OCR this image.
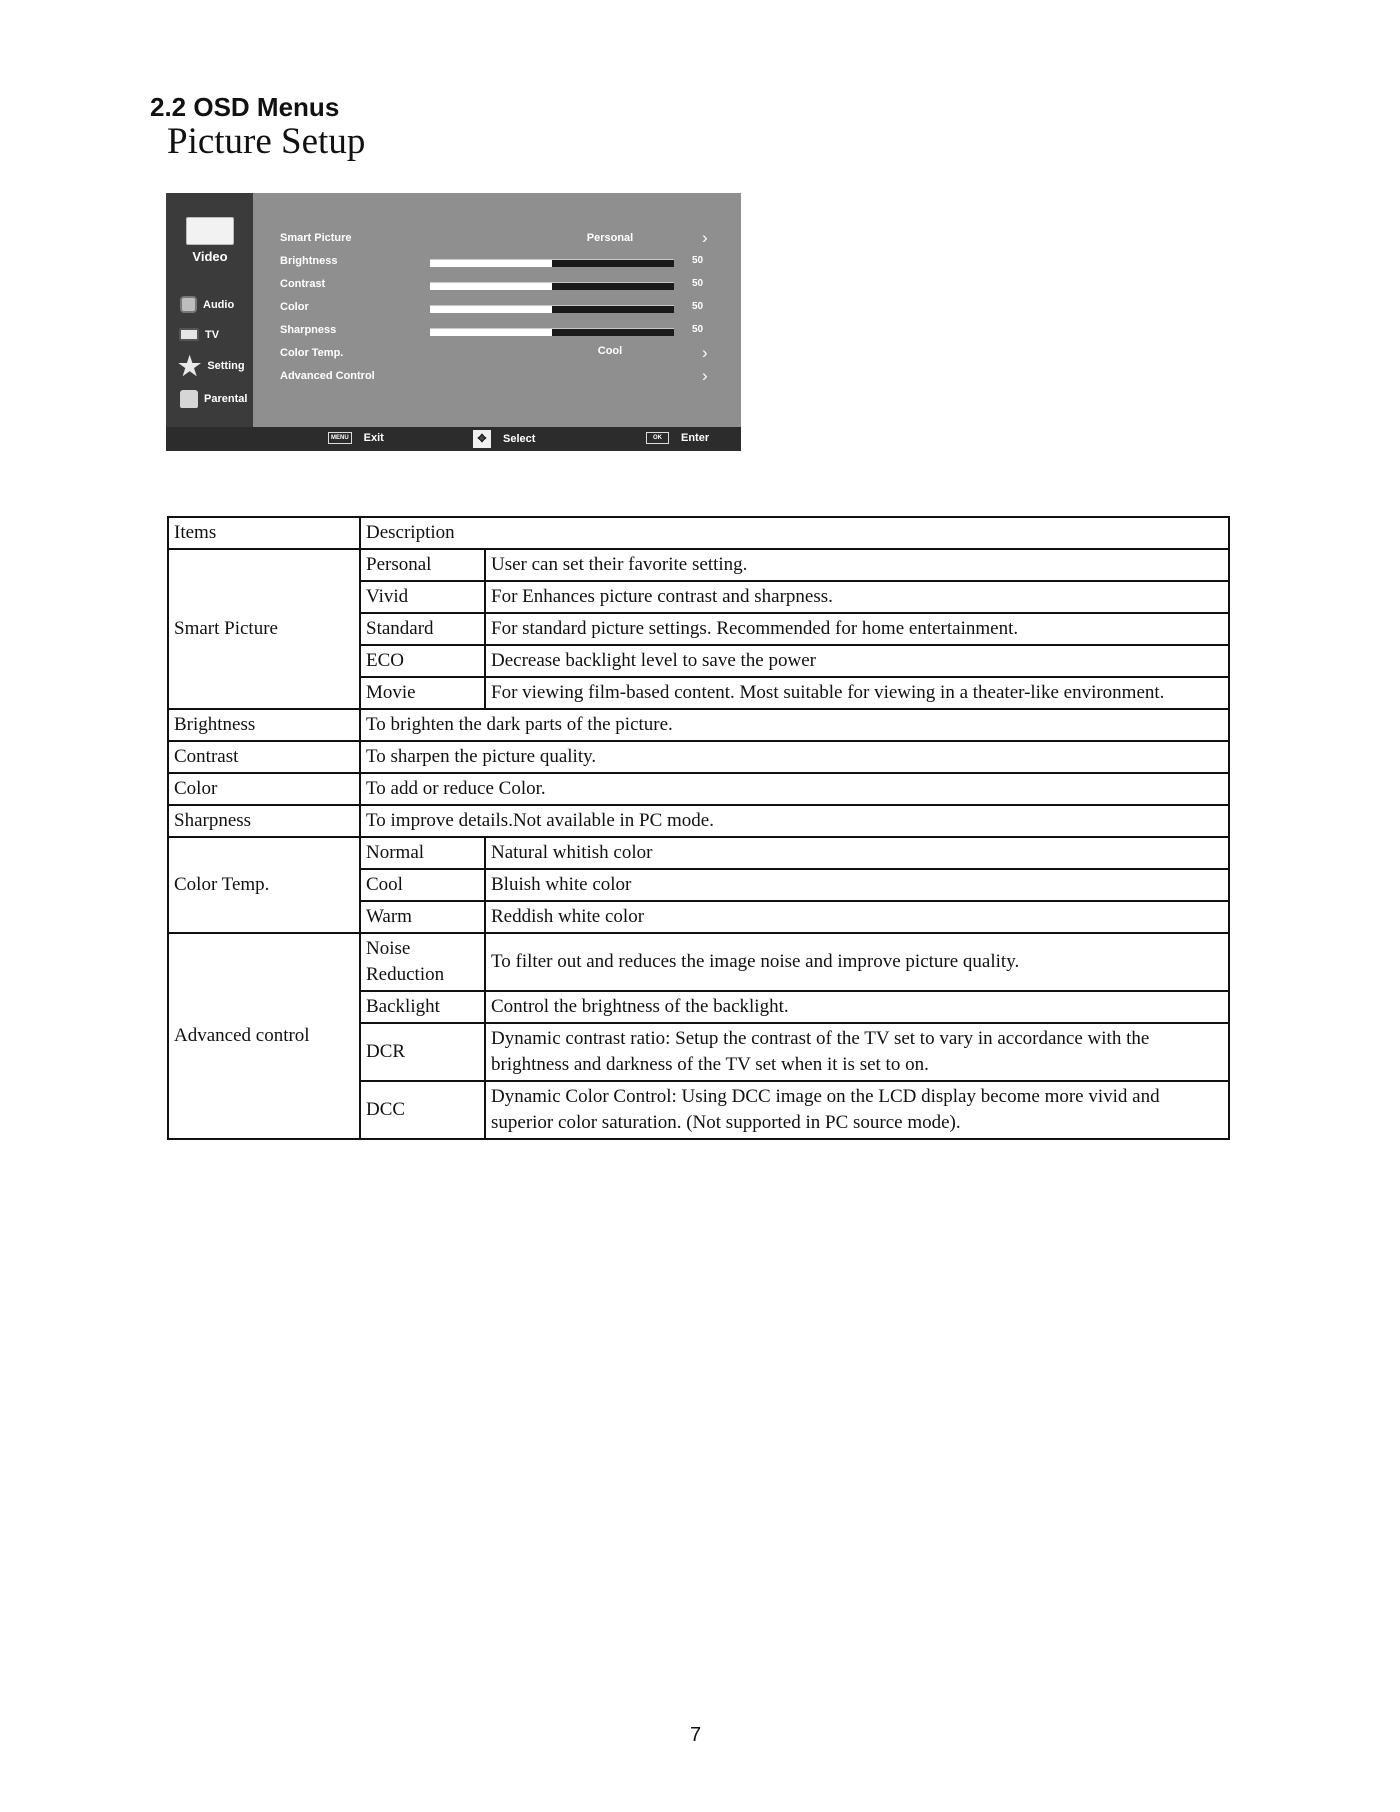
2.2 OSD Menus
Picture Setup
Video
Audio
TV
★ Setting
Parental
Smart Picture	Personal	›
Brightness	50
Contrast	50
Color	50
Sharpness	50
Color Temp.	Cool	›
Advanced Control	›
MENU Exit	✥	Select	OK	Enter
Items	Description	
Smart Picture	Personal	User can set their favorite setting.
	Vivid	For Enhances picture contrast and sharpness.
	Standard	For standard picture settings. Recommended for home entertainment.
	ECO	Decrease backlight level to save the power
	Movie	For viewing film-based content. Most suitable for viewing in a theater-like environment.
Brightness	To brighten the dark parts of the picture.	
Contrast	To sharpen the picture quality.	
Color	To add or reduce Color.	
Sharpness	To improve details.Not available in PC mode.	
Color Temp.	Normal	Natural whitish color
	Cool	Bluish white color
	Warm	Reddish white color
Advanced control	Noise Reduction	To filter out and reduces the image noise and improve picture quality.
	Backlight	Control the brightness of the backlight.
	DCR	Dynamic contrast ratio: Setup the contrast of the TV set to vary in accordance with the brightness and darkness of the TV set when it is set to on.
	DCC	Dynamic Color Control: Using DCC image on the LCD display become more vivid and superior color saturation. (Not supported in PC source mode).
7
